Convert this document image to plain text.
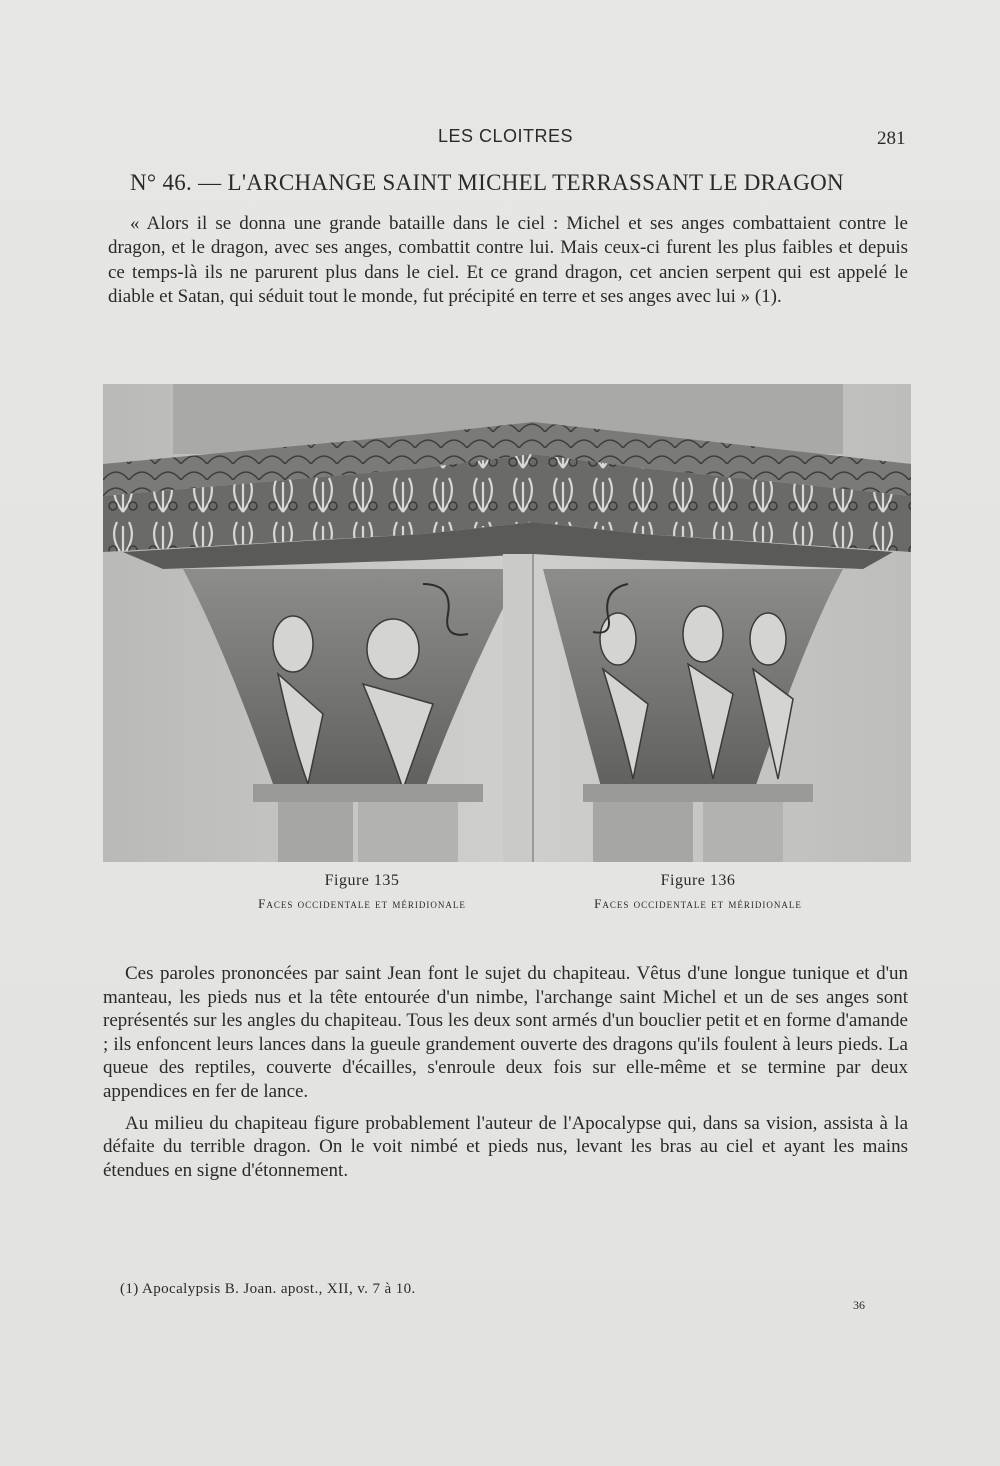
LES CLOITRES	281
N° 46. — L'ARCHANGE SAINT MICHEL TERRASSANT LE DRAGON
« Alors il se donna une grande bataille dans le ciel : Michel et ses anges combattaient contre le dragon, et le dragon, avec ses anges, combattit contre lui. Mais ceux-ci furent les plus faibles et depuis ce temps-là ils ne parurent plus dans le ciel. Et ce grand dragon, cet ancien serpent qui est appelé le diable et Satan, qui séduit tout le monde, fut précipité en terre et ses anges avec lui » (1).
Figure 135
Faces occidentale et méridionale
Figure 136
Faces occidentale et méridionale

Ces paroles prononcées par saint Jean font le sujet du chapiteau. Vêtus d'une longue tunique et d'un manteau, les pieds nus et la tête entourée d'un nimbe, l'archange saint Michel et un de ses anges sont représentés sur les angles du chapiteau. Tous les deux sont armés d'un bouclier petit et en forme d'amande ; ils enfoncent leurs lances dans la gueule grandement ouverte des dragons qu'ils foulent à leurs pieds. La queue des reptiles, couverte d'écailles, s'enroule deux fois sur elle-même et se termine par deux appendices en fer de lance.

Au milieu du chapiteau figure probablement l'auteur de l'Apocalypse qui, dans sa vision, assista à la défaite du terrible dragon. On le voit nimbé et pieds nus, levant les bras au ciel et ayant les mains étendues en signe d'étonnement.

(1) Apocalypsis B. Joan. apost., XII, v. 7 à 10.
36
